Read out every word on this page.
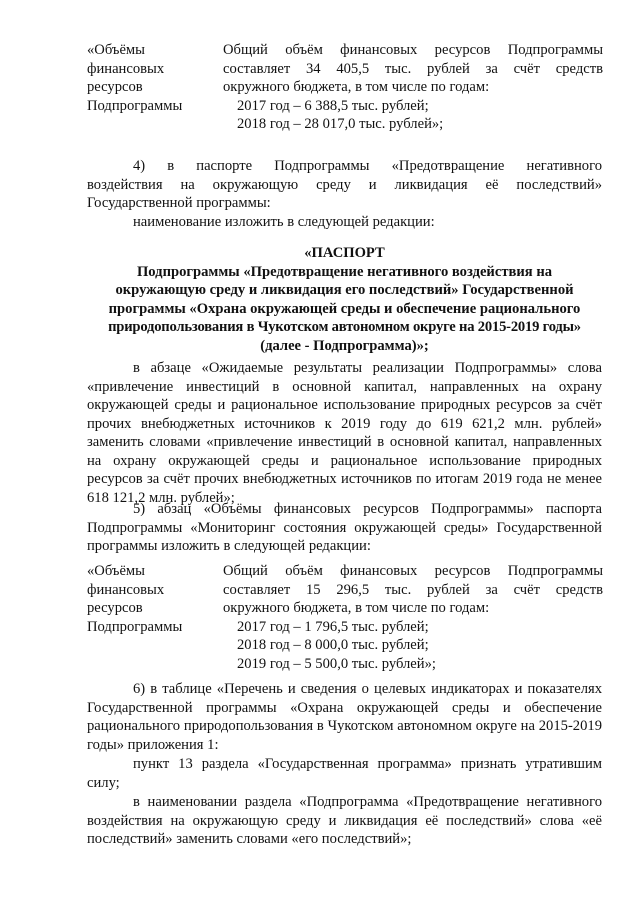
«Объёмы
финансовых
ресурсов
Подпрограммы
Общий объём финансовых ресурсов Подпрограммы
составляет 34 405,5 тыс. рублей за счёт средств
окружного бюджета, в том числе по годам:
2017 год – 6 388,5 тыс. рублей;
2018 год – 28 017,0 тыс. рублей»;

4) в паспорте Подпрограммы «Предотвращение негативного

воздействия на окружающую среду и ликвидация её последствий»

Государственной программы:

наименование изложить в следующей редакции:

«ПАСПОРТ

Подпрограммы «Предотвращение негативного воздействия на

окружающую среду и ликвидация его последствий» Государственной

программы «Охрана окружающей среды и обеспечение рационального

природопользования в Чукотском автономном округе на 2015-2019 годы»

(далее - Подпрограмма)»;

в абзаце «Ожидаемые результаты реализации Подпрограммы» слова «привлечение инвестиций в основной капитал, направленных на охрану окружающей среды и рациональное использование природных ресурсов за счёт прочих внебюджетных источников к 2019 году до 619 621,2 млн. рублей» заменить словами «привлечение инвестиций в основной капитал, направленных на охрану окружающей среды и рациональное использование природных ресурсов за счёт прочих внебюджетных источников по итогам 2019 года не менее 618 121,2 млн. рублей»;

5) абзац «Объёмы финансовых ресурсов Подпрограммы» паспорта Подпрограммы «Мониторинг состояния окружающей среды» Государственной программы изложить в следующей редакции:

«Объёмы
финансовых
ресурсов
Подпрограммы
Общий объём финансовых ресурсов Подпрограммы
составляет 15 296,5 тыс. рублей за счёт средств
окружного бюджета, в том числе по годам:
2017 год – 1 796,5 тыс. рублей;
2018 год – 8 000,0 тыс. рублей;
2019 год – 5 500,0 тыс. рублей»;

6) в таблице «Перечень и сведения о целевых индикаторах и показателях Государственной программы «Охрана окружающей среды и обеспечение рационального природопользования в Чукотском автономном округе на 2015-2019 годы» приложения 1:

пункт 13 раздела «Государственная программа» признать утратившим силу;

в наименовании раздела «Подпрограмма «Предотвращение негативного воздействия на окружающую среду и ликвидация её последствий» слова «её последствий» заменить словами «его последствий»;
